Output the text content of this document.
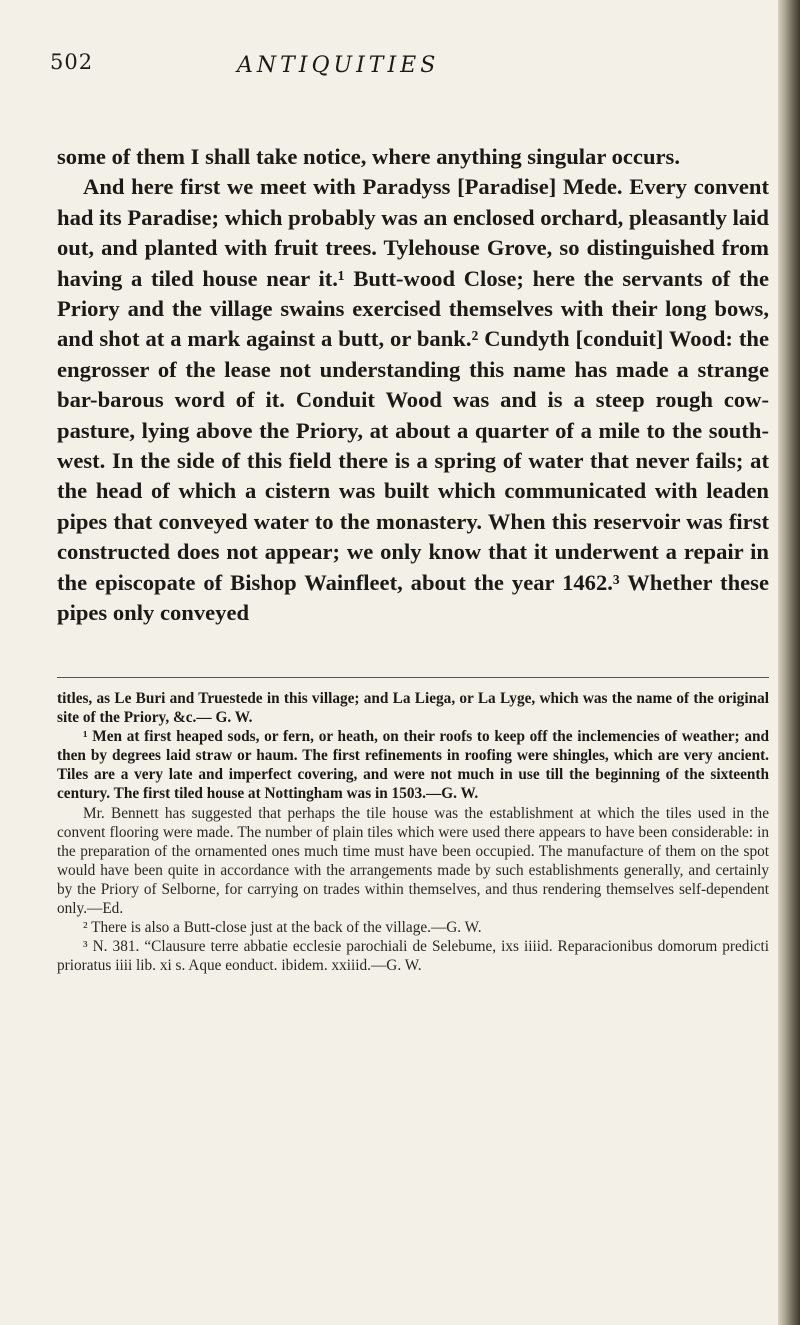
502	ANTIQUITIES

some of them I shall take notice, where anything singular occurs.

And here first we meet with Paradyss [Paradise] Mede. Every convent had its Paradise; which probably was an enclosed orchard, pleasantly laid out, and planted with fruit trees. Tylehouse Grove, so distinguished from having a tiled house near it.¹ Butt-wood Close; here the servants of the Priory and the village swains exercised themselves with their long bows, and shot at a mark against a butt, or bank.² Cundyth [conduit] Wood: the engrosser of the lease not understanding this name has made a strange bar-barous word of it. Conduit Wood was and is a steep rough cow-pasture, lying above the Priory, at about a quarter of a mile to the south-west. In the side of this field there is a spring of water that never fails; at the head of which a cistern was built which communicated with leaden pipes that conveyed water to the monastery. When this reservoir was first constructed does not appear; we only know that it underwent a repair in the episcopate of Bishop Wainfleet, about the year 1462.³ Whether these pipes only conveyed

titles, as Le Buri and Truestede in this village; and La Liega, or La Lyge, which was the name of the original site of the Priory, &c.— G. W.

¹ Men at first heaped sods, or fern, or heath, on their roofs to keep off the inclemencies of weather; and then by degrees laid straw or haum. The first refinements in roofing were shingles, which are very ancient. Tiles are a very late and imperfect covering, and were not much in use till the beginning of the sixteenth century. The first tiled house at Nottingham was in 1503.—G. W.

Mr. Bennett has suggested that perhaps the tile house was the establishment at which the tiles used in the convent flooring were made. The number of plain tiles which were used there appears to have been considerable: in the preparation of the ornamented ones much time must have been occupied. The manufacture of them on the spot would have been quite in accordance with the arrangements made by such establishments generally, and certainly by the Priory of Selborne, for carrying on trades within themselves, and thus rendering themselves self-dependent only.—Ed.

² There is also a Butt-close just at the back of the village.—G. W.

³ N. 381. “Clausure terre abbatie ecclesie parochiali de Selebume, ixs iiiid. Reparacionibus domorum predicti prioratus iiii lib. xi s. Aque eonduct. ibidem. xxiiid.—G. W.
